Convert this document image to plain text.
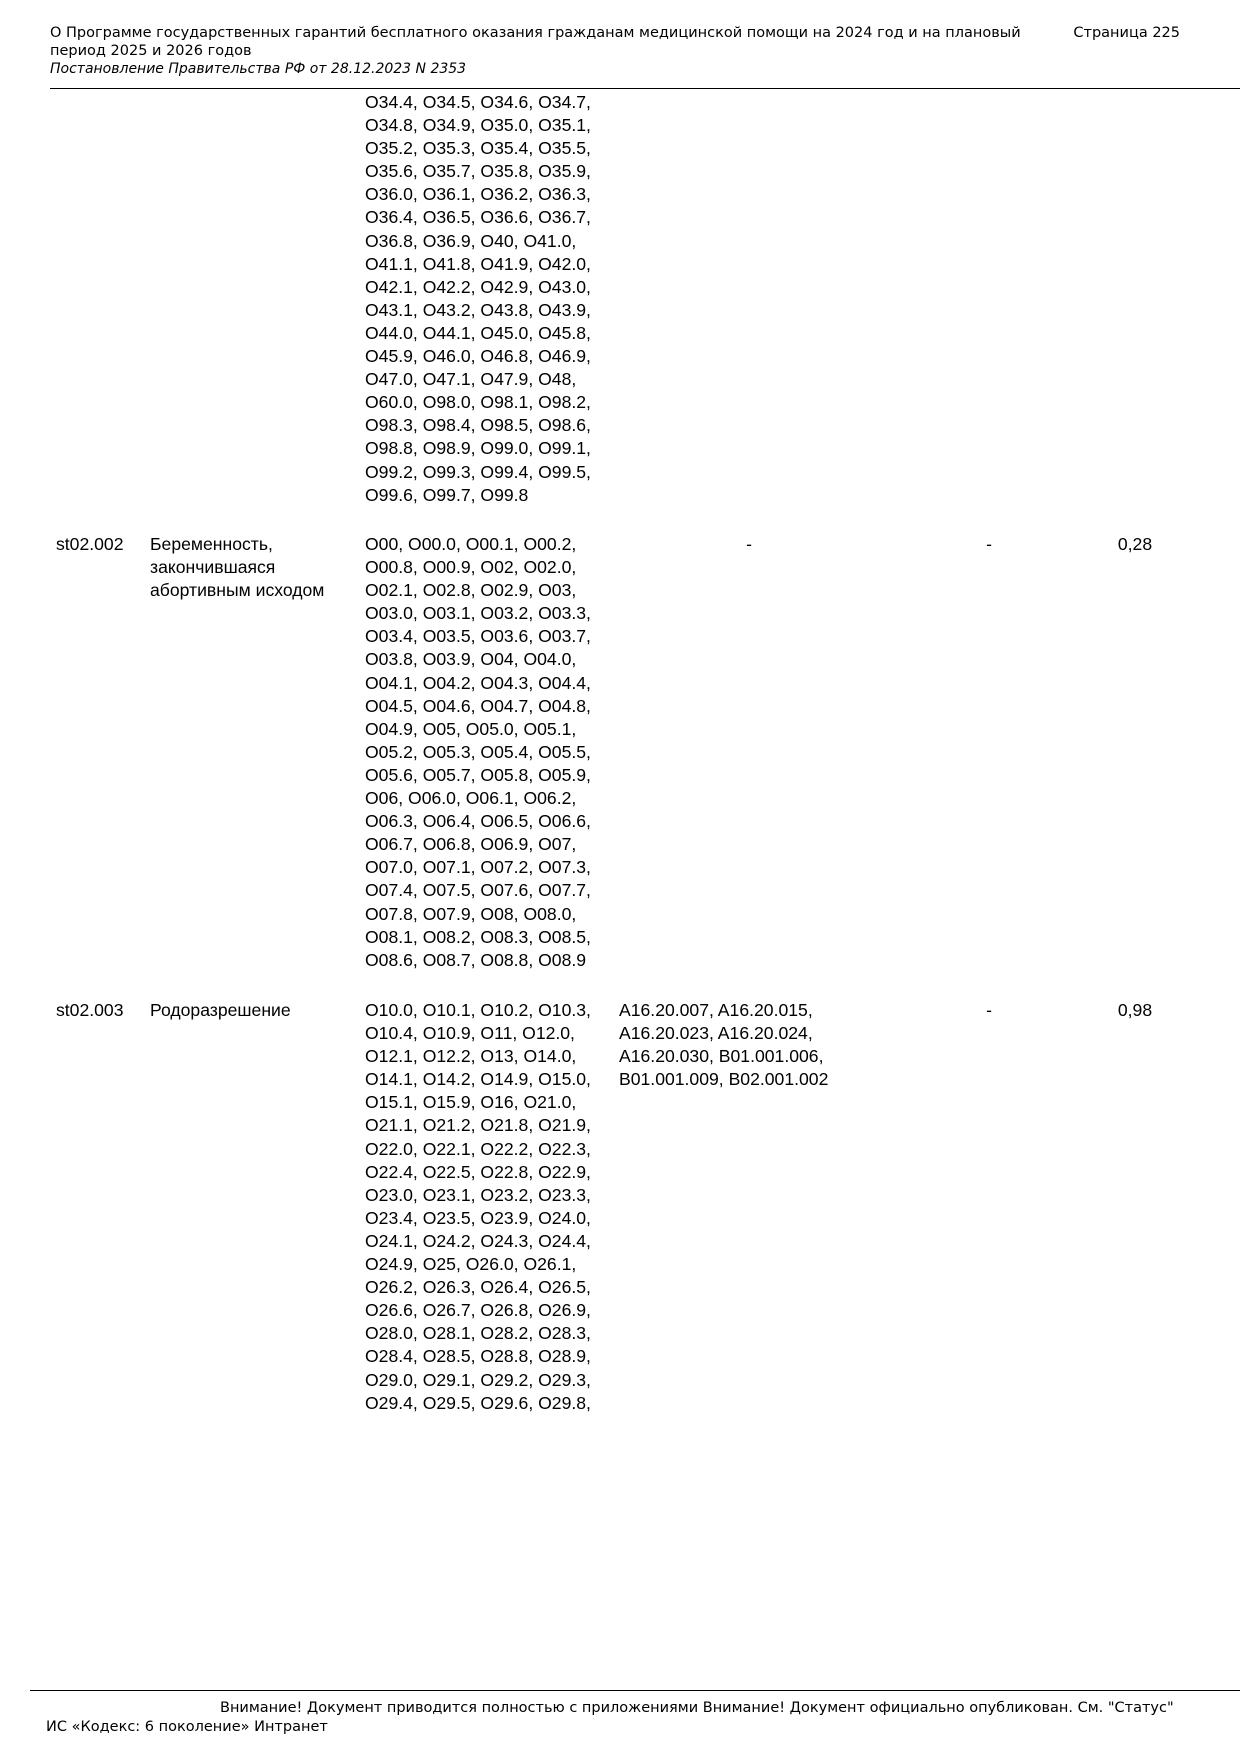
О Программе государственных гарантий бесплатного оказания гражданам медицинской помощи на 2024 год и на плановый период 2025 и 2026 годов
Постановление Правительства РФ от 28.12.2023 N 2353
Страница 225
O34.4, O34.5, O34.6, O34.7,
O34.8, O34.9, O35.0, O35.1,
O35.2, O35.3, O35.4, O35.5,
O35.6, O35.7, O35.8, O35.9,
O36.0, O36.1, O36.2, O36.3,
O36.4, O36.5, O36.6, O36.7,
O36.8, O36.9, O40, O41.0,
O41.1, O41.8, O41.9, O42.0,
O42.1, O42.2, O42.9, O43.0,
O43.1, O43.2, O43.8, O43.9,
O44.0, O44.1, O45.0, O45.8,
O45.9, O46.0, O46.8, O46.9,
O47.0, O47.1, O47.9, O48,
O60.0, O98.0, O98.1, O98.2,
O98.3, O98.4, O98.5, O98.6,
O98.8, O98.9, O99.0, O99.1,
O99.2, O99.3, O99.4, O99.5,
O99.6, O99.7, O99.8
st02.002	Беременность,
закончившаяся
абортивным исходом
O00, O00.0, O00.1, O00.2,
O00.8, O00.9, O02, O02.0,
O02.1, O02.8, O02.9, O03,
O03.0, O03.1, O03.2, O03.3,
O03.4, O03.5, O03.6, O03.7,
O03.8, O03.9, O04, O04.0,
O04.1, O04.2, O04.3, O04.4,
O04.5, O04.6, O04.7, O04.8,
O04.9, O05, O05.0, O05.1,
O05.2, O05.3, O05.4, O05.5,
O05.6, O05.7, O05.8, O05.9,
O06, O06.0, O06.1, O06.2,
O06.3, O06.4, O06.5, O06.6,
O06.7, O06.8, O06.9, O07,
O07.0, O07.1, O07.2, O07.3,
O07.4, O07.5, O07.6, O07.7,
O07.8, O07.9, O08, O08.0,
O08.1, O08.2, O08.3, O08.5,
O08.6, O08.7, O08.8, O08.9
-	-	0,28
st02.003	Родоразрешение	O10.0, O10.1, O10.2, O10.3,
O10.4, O10.9, O11, O12.0,
O12.1, O12.2, O13, O14.0,
O14.1, O14.2, O14.9, O15.0,
O15.1, O15.9, O16, O21.0,
O21.1, O21.2, O21.8, O21.9,
O22.0, O22.1, O22.2, O22.3,
O22.4, O22.5, O22.8, O22.9,
O23.0, O23.1, O23.2, O23.3,
O23.4, O23.5, O23.9, O24.0,
O24.1, O24.2, O24.3, O24.4,
O24.9, O25, O26.0, O26.1,
O26.2, O26.3, O26.4, O26.5,
O26.6, O26.7, O26.8, O26.9,
O28.0, O28.1, O28.2, O28.3,
O28.4, O28.5, O28.8, O28.9,
O29.0, O29.1, O29.2, O29.3,
O29.4, O29.5, O29.6, O29.8,
A16.20.007, A16.20.015,
A16.20.023, A16.20.024,
A16.20.030, B01.001.006,
B01.001.009, B02.001.002
-	0,98
Внимание! Документ приводится полностью с приложениями Внимание! Документ официально опубликован. См. "Статус"
ИС «Кодекс: 6 поколение» Интранет
